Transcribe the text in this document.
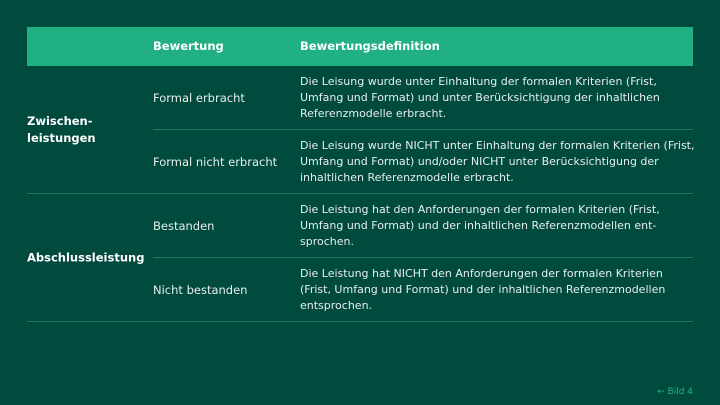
Bewertung	Bewertungsdefinition
Zwischen-
leistungen
Formal erbracht
Die Leisung wurde unter Einhaltung der formalen Kriterien (Frist, Umfang und Format) und unter Berücksichtigung der inhaltlichen Referenzmodelle erbracht.
Formal nicht erbracht
Die Leisung wurde NICHT unter Einhaltung der formalen Kriterien (Frist, Umfang und Format) und/oder NICHT unter Berücksichtigung der inhaltlichen Referenzmodelle erbracht.
Abschlussleistung
Bestanden
Die Leistung hat den Anforderungen der formalen Kriterien (Frist, Umfang und Format) und der inhaltlichen Referenzmodellen ent-sprochen.
Nicht bestanden
Die Leistung hat NICHT den Anforderungen der formalen Kriterien (Frist, Umfang und Format) und der inhaltlichen Referenzmodellen entsprochen.
← Bild 4
